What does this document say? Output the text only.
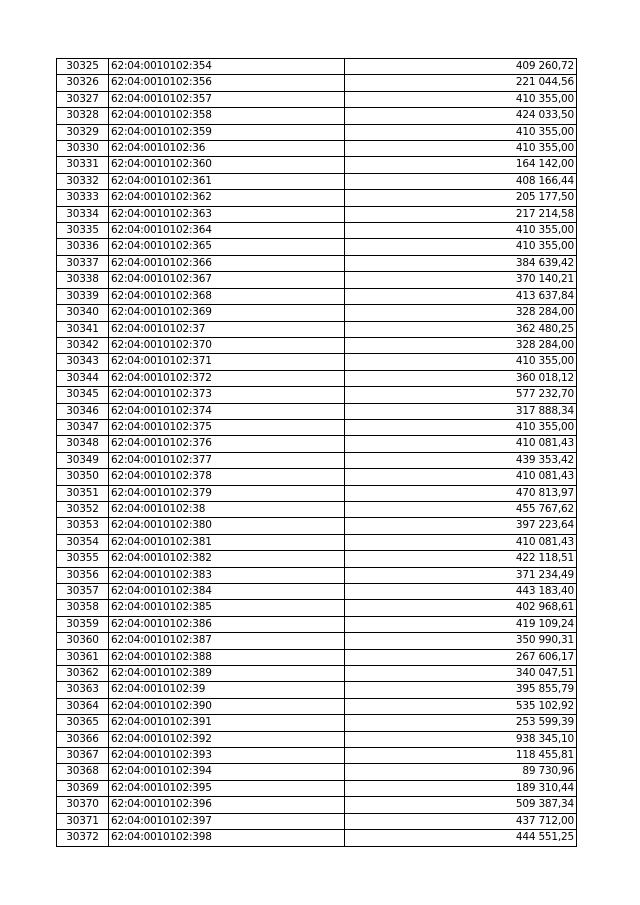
30325	62:04:0010102:354	409 260,72
30326	62:04:0010102:356	221 044,56
30327	62:04:0010102:357	410 355,00
30328	62:04:0010102:358	424 033,50
30329	62:04:0010102:359	410 355,00
30330	62:04:0010102:36	410 355,00
30331	62:04:0010102:360	164 142,00
30332	62:04:0010102:361	408 166,44
30333	62:04:0010102:362	205 177,50
30334	62:04:0010102:363	217 214,58
30335	62:04:0010102:364	410 355,00
30336	62:04:0010102:365	410 355,00
30337	62:04:0010102:366	384 639,42
30338	62:04:0010102:367	370 140,21
30339	62:04:0010102:368	413 637,84
30340	62:04:0010102:369	328 284,00
30341	62:04:0010102:37	362 480,25
30342	62:04:0010102:370	328 284,00
30343	62:04:0010102:371	410 355,00
30344	62:04:0010102:372	360 018,12
30345	62:04:0010102:373	577 232,70
30346	62:04:0010102:374	317 888,34
30347	62:04:0010102:375	410 355,00
30348	62:04:0010102:376	410 081,43
30349	62:04:0010102:377	439 353,42
30350	62:04:0010102:378	410 081,43
30351	62:04:0010102:379	470 813,97
30352	62:04:0010102:38	455 767,62
30353	62:04:0010102:380	397 223,64
30354	62:04:0010102:381	410 081,43
30355	62:04:0010102:382	422 118,51
30356	62:04:0010102:383	371 234,49
30357	62:04:0010102:384	443 183,40
30358	62:04:0010102:385	402 968,61
30359	62:04:0010102:386	419 109,24
30360	62:04:0010102:387	350 990,31
30361	62:04:0010102:388	267 606,17
30362	62:04:0010102:389	340 047,51
30363	62:04:0010102:39	395 855,79
30364	62:04:0010102:390	535 102,92
30365	62:04:0010102:391	253 599,39
30366	62:04:0010102:392	938 345,10
30367	62:04:0010102:393	118 455,81
30368	62:04:0010102:394	89 730,96
30369	62:04:0010102:395	189 310,44
30370	62:04:0010102:396	509 387,34
30371	62:04:0010102:397	437 712,00
30372	62:04:0010102:398	444 551,25
